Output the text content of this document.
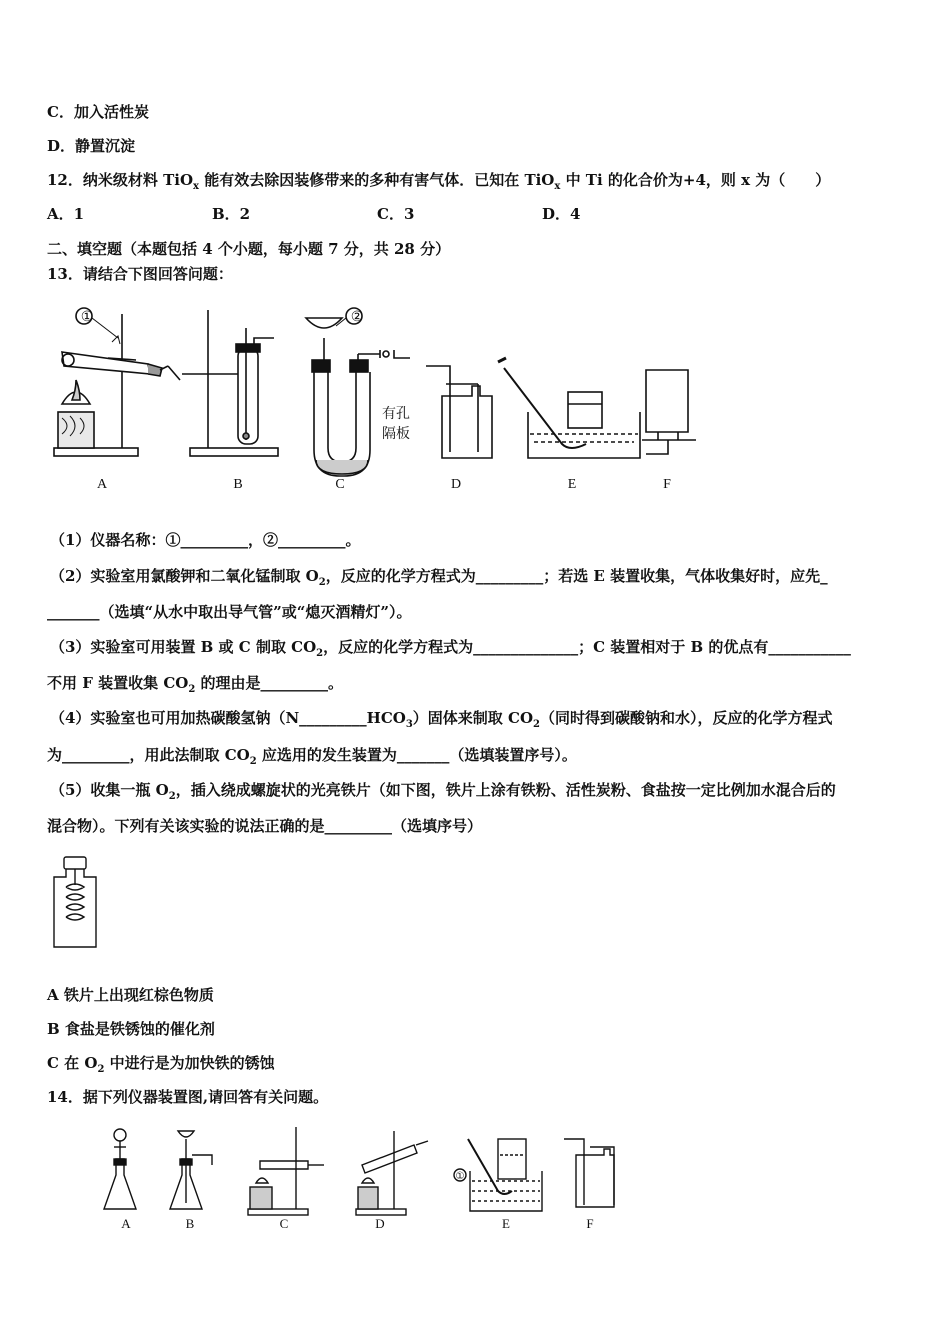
C．加入活性炭
D．静置沉淀
12．纳米级材料 TiO$_x$ 能有效去除因装修带来的多种有害气体．已知在 TiO$_x$ 中 Ti 的化合价为+4，则 x 为（　　）
A．1	B．2	C．3	D．4
二、填空题（本题包括 4 个小题，每小题 7 分，共 28 分）
13．请结合下图回答问题：
①	②
有孔
隔板
A	B	C	D	E	F
（1）仪器名称：①_________，②_________。
（2）实验室用氯酸钾和二氧化锰制取 $O_2$，反应的化学方程式为_________；若选 E 装置收集，气体收集好时，应先_
_______（选填“从水中取出导气管”或“熄灭酒精灯”）。
（3）实验室可用装置 B 或 C 制取 $CO_2$，反应的化学方程式为______________；C 装置相对于 B 的优点有___________
不用 F 装置收集 $CO_2$ 的理由是_________。
（4）实验室也可用加热碳酸氢钠$(N\_\_\_\_\_\_\_\_\_HCO_3)$固体来制取 $CO_2$（同时得到碳酸钠和水），反应的化学方程式
为_________，用此法制取 $CO_2$ 应选用的发生装置为_______（选填装置序号）。
（5）收集一瓶 $O_2$，插入绕成螺旋状的光亮铁片（如下图，铁片上涂有铁粉、活性炭粉、食盐按一定比例加水混合后的
混合物）。下列有关该实验的说法正确的是_________（选填序号）
A 铁片上出现红棕色物质
B 食盐是铁锈蚀的催化剂
C 在 $O_2$ 中进行是为加快铁的锈蚀
14．据下列仪器装置图,请回答有关问题。
①
A	B	C	D	E	F
